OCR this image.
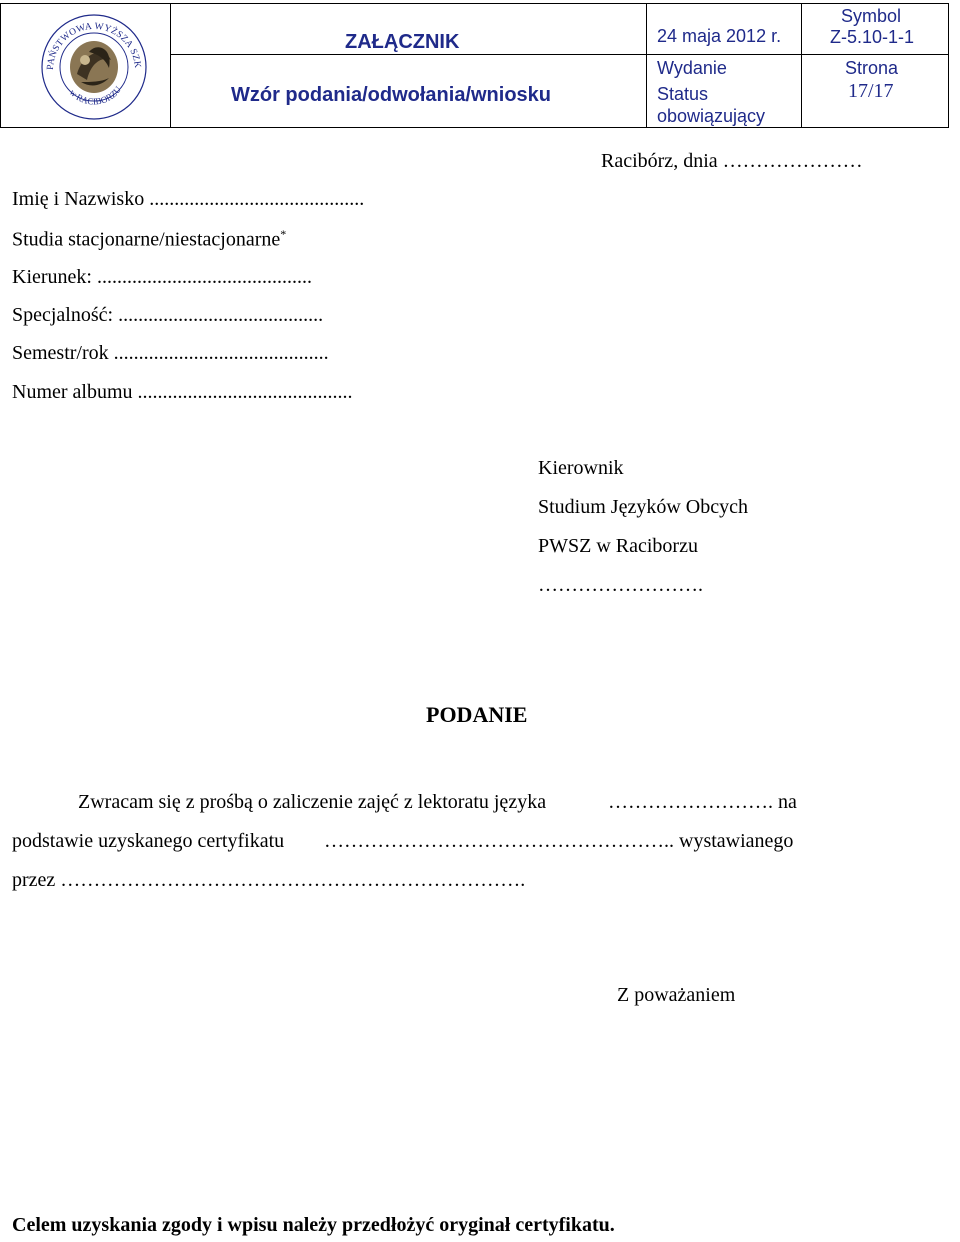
PAŃSTWOWA WYŻSZA SZK
w RACIBORZU
ZAŁĄCZNIK
Wzór podania/odwołania/wniosku
24 maja 2012 r.
Wydanie
Status
obowiązujący
Symbol
Z-5.10-1-1
Strona
17/17
Racibórz, dnia …………………
Imię i Nazwisko ...........................................
Studia stacjonarne/niestacjonarne*
Kierunek: ...........................................
Specjalność: .........................................
Semestr/rok ...........................................
Numer albumu ...........................................
Kierownik
Studium Języków Obcych
PWSZ w Raciborzu
…………………….
PODANIE
Zwracam się z prośbą o zaliczenie zajęć z lektoratu języka	……………………. na
podstawie uzyskanego certyfikatu …………………………………………….. wystawianego
przez …………………………………………………………….
Z poważaniem
Celem uzyskania zgody i wpisu należy przedłożyć oryginał certyfikatu.
